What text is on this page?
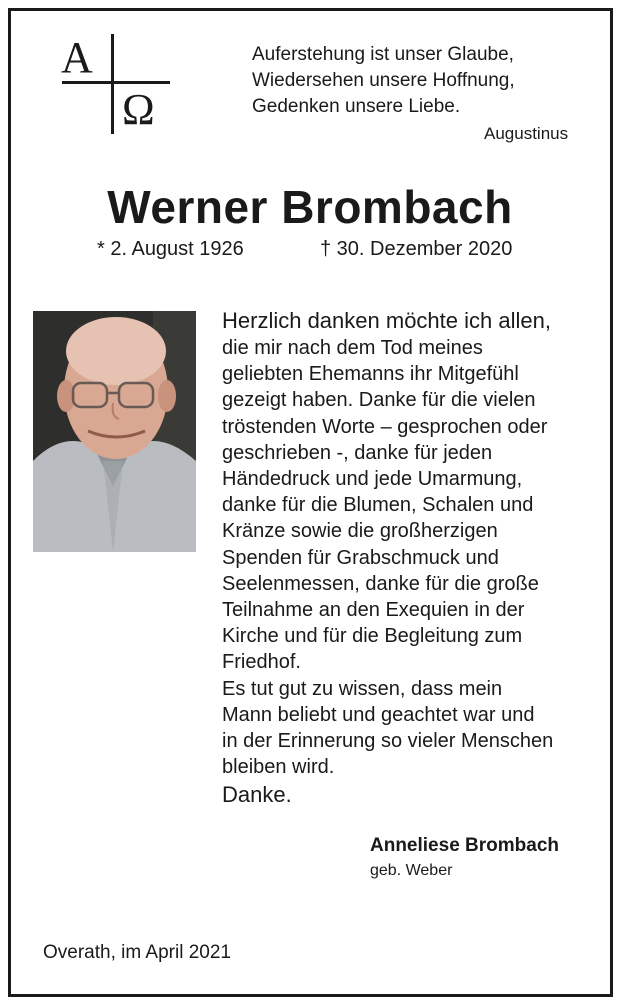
A
Ω
Auferstehung ist unser Glaube,
Wiedersehen unsere Hoffnung,
Gedenken unsere Liebe.
Augustinus
Werner Brombach
* 2. August 1926	† 30. Dezember 2020
Herzlich danken möchte ich allen,
die mir nach dem Tod meines
geliebten Ehemanns ihr Mitgefühl
gezeigt haben. Danke für die vielen
tröstenden Worte – gesprochen oder
geschrieben -, danke für jeden
Händedruck und jede Umarmung,
danke für die Blumen, Schalen und
Kränze sowie die großherzigen
Spenden für Grabschmuck und
Seelenmessen, danke für die große
Teilnahme an den Exequien in der
Kirche und für die Begleitung zum
Friedhof.
Es tut gut zu wissen, dass mein
Mann beliebt und geachtet war und
in der Erinnerung so vieler Menschen
bleiben wird.
Danke.
Anneliese Brombach
geb. Weber
Overath, im April 2021
